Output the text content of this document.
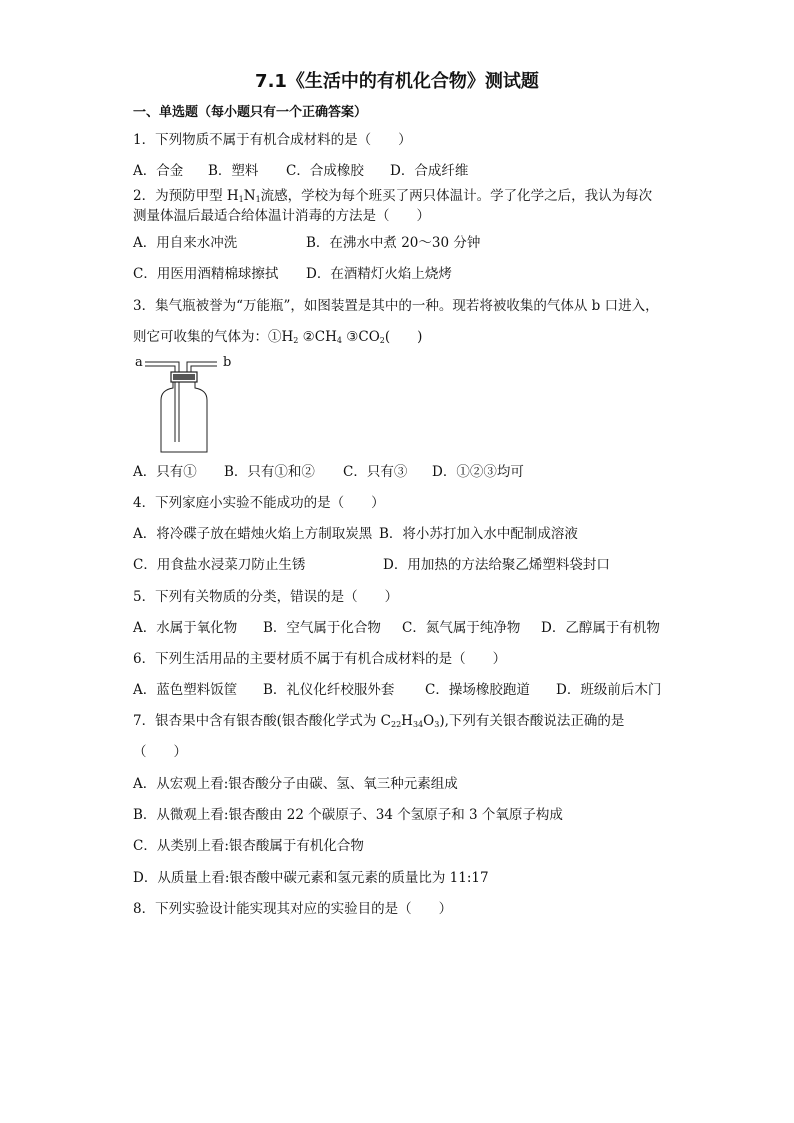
7.1《生活中的有机化合物》测试题
一、单选题（每小题只有一个正确答案）
1．下列物质不属于有机合成材料的是（　　）
A．合金 B．塑料 C．合成橡胶 D．合成纤维
2．为预防甲型 $H_1N_1$流感，学校为每个班买了两只体温计。学了化学之后，我认为每次
测量体温后最适合给体温计消毒的方法是（　　）
A．用自来水冲洗	B．在沸水中煮 20～30 分钟
C．用医用酒精棉球擦拭 D．在酒精灯火焰上烧烤
3．集气瓶被誉为“万能瓶”，如图装置是其中的一种。现若将被收集的气体从 b 口进入，
则它可收集的气体为：$①H_2$ $②CH_4$ $③CO_2$(　　)
a	b
A．只有① B．只有①和② C．只有③ D．①②③均可
4．下列家庭小实验不能成功的是（　　）
A．将冷碟子放在蜡烛火焰上方制取炭黑 B．将小苏打加入水中配制成溶液
C．用食盐水浸菜刀防止生锈	D．用加热的方法给聚乙烯塑料袋封口
5．下列有关物质的分类，错误的是（　　）
A．水属于氧化物 B．空气属于化合物 C．氮气属于纯净物 D．乙醇属于有机物
6．下列生活用品的主要材质不属于有机合成材料的是（　　）
A．蓝色塑料饭筐 B．礼仪化纤校服外套 C．操场橡胶跑道 D．班级前后木门
7．银杏果中含有银杏酸(银杏酸化学式为 $C_{22}H_{34}O_3$),下列有关银杏酸说法正确的是
（　　）
A．从宏观上看:银杏酸分子由碳、氢、氧三种元素组成
B．从微观上看:银杏酸由 22 个碳原子、34 个氢原子和 3 个氧原子构成
C．从类别上看:银杏酸属于有机化合物
D．从质量上看:银杏酸中碳元素和氢元素的质量比为 11:17
8．下列实验设计能实现其对应的实验目的是（　　）
